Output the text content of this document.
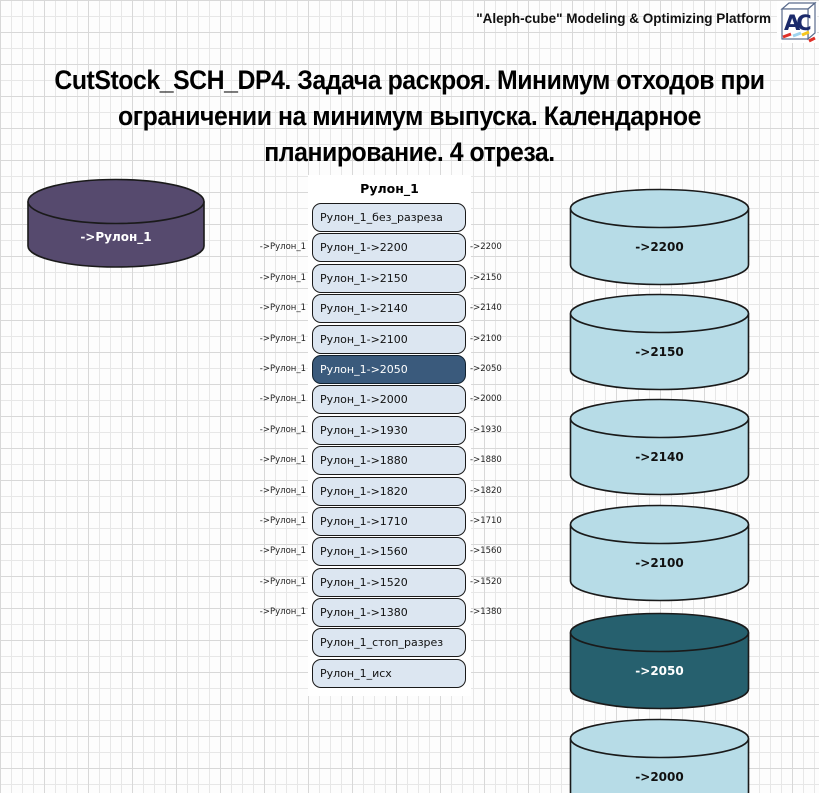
"Aleph-cube" Modeling & Optimizing Platform AC
CutStock_SCH_DP4. Задача раскроя. Минимум отходов при
ограничении на минимум выпуска. Календарное
планирование. 4 отреза.
->Рулон_1
Рулон_1
Рулон_1_без_разреза
Рулон_1->2200
Рулон_1->2150
Рулон_1->2140
Рулон_1->2100
Рулон_1->2050
Рулон_1->2000
Рулон_1->1930
Рулон_1->1880
Рулон_1->1820
Рулон_1->1710
Рулон_1->1560
Рулон_1->1520
Рулон_1->1380
Рулон_1_стоп_разрез
Рулон_1_исх
->Рулон_1	->2200
->Рулон_1	->2150
->Рулон_1	->2140
->Рулон_1	->2100
->Рулон_1	->2050
->Рулон_1	->2000
->Рулон_1	->1930
->Рулон_1	->1880
->Рулон_1	->1820
->Рулон_1	->1710
->Рулон_1	->1560
->Рулон_1	->1520
->Рулон_1	->1380
->2200
->2150
->2140
->2100
->2050
->2000
